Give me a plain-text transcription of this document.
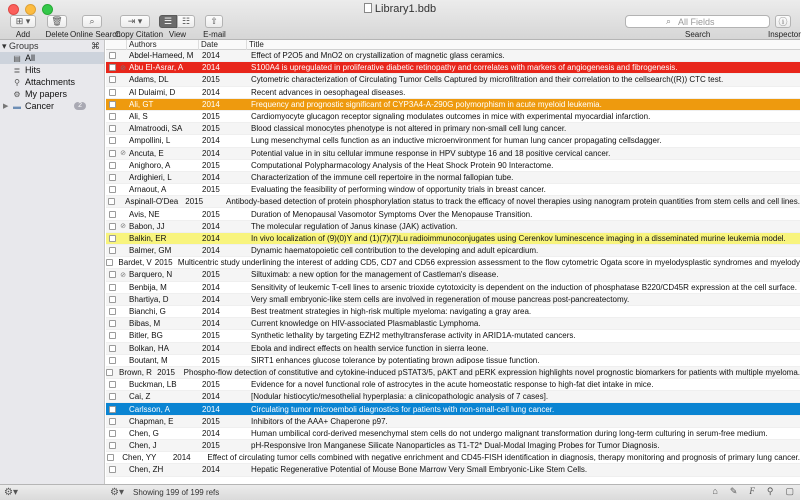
Library1.bdb
⊞ ▾
Add
🗑
Delete
⌕
Online Search
⇥ ▾
Copy Citation
☰ ☷
View
⇧
E-mail
⌕ All Fields
Search
ⓘ
Inspector
▾ Groups	⌘
▤ All
≣ Hits
⚲ Attachments
⚙ My papers
▶ ▬ Cancer	2
Authors	Date	Title
Abdel-Hameed, M	2014	Effect of P2O5 and MnO2 on crystallization of magnetic glass ceramics.
⊘ Abu El-Asrar, A	2014	S100A4 is upregulated in proliferative diabetic retinopathy and correlates with markers of angiogenesis and fibrogenesis.
Adams, DL	2015	Cytometric characterization of Circulating Tumor Cells Captured by microfiltration and their correlation to the cellsearch((R)) CTC test.
Al Dulaimi, D	2014	Recent advances in oesophageal diseases.
Ali, GT	2014	Frequency and prognostic significant of CYP3A4-A-290G polymorphism in acute myeloid leukemia.
Ali, S	2015	Cardiomyocyte glucagon receptor signaling modulates outcomes in mice with experimental myocardial infarction.
Almatroodi, SA	2015	Blood classical monocytes phenotype is not altered in primary non-small cell lung cancer.
Ampollini, L	2014	Lung mesenchymal cells function as an inductive microenvironment for human lung cancer propagating cellsdagger.
⊘ Ancuta, E	2014	Potential value in in situ cellular immune response in HPV subtype 16 and 18 positive cervical cancer.
Anighoro, A	2015	Computational Polypharmacology Analysis of the Heat Shock Protein 90 Interactome.
Ardighieri, L	2014	Characterization of the immune cell repertoire in the normal fallopian tube.
Arnaout, A	2015	Evaluating the feasibility of performing window of opportunity trials in breast cancer.
Aspinall-O'Dea 2015	Antibody-based detection of protein phosphorylation status to track the efficacy of novel therapies using nanogram protein quantities from stem cells and cell lines.
Avis, NE	2015	Duration of Menopausal Vasomotor Symptoms Over the Menopause Transition.
⊘ Babon, JJ	2014	The molecular regulation of Janus kinase (JAK) activation.
Balkin, ER	2014	In vivo localization of (9)(0)Y and (1)(7)(7)Lu radioimmunoconjugates using Cerenkov luminescence imaging in a disseminated murine leukemia model.
Balmer, GM	2014	Dynamic haematopoietic cell contribution to the developing and adult epicardium.
Bardet, V 2015 Multicentric study underlining the interest of adding CD5, CD7 and CD56 expression assessment to the flow cytometric Ogata score in myelodysplastic syndromes and myelody
⊘ Barquero, N	2015	Siltuximab: a new option for the management of Castleman's disease.
Benbija, M	2014	Sensitivity of leukemic T-cell lines to arsenic trioxide cytotoxicity is dependent on the induction of phosphatase B220/CD45R expression at the cell surface.
Bhartiya, D	2014	Very small embryonic-like stem cells are involved in regeneration of mouse pancreas post-pancreatectomy.
Bianchi, G	2014	Best treatment strategies in high-risk multiple myeloma: navigating a gray area.
Bibas, M	2014	Current knowledge on HIV-associated Plasmablastic Lymphoma.
Bitler, BG	2015	Synthetic lethality by targeting EZH2 methyltransferase activity in ARID1A-mutated cancers.
Bolkan, HA	2014	Ebola and indirect effects on health service function in sierra leone.
Boutant, M	2015	SIRT1 enhances glucose tolerance by potentiating brown adipose tissue function.
Brown, R 2015	Phospho-flow detection of constitutive and cytokine-induced pSTAT3/5, pAKT and pERK expression highlights novel prognostic biomarkers for patients with multiple myeloma.
Buckman, LB	2015	Evidence for a novel functional role of astrocytes in the acute homeostatic response to high-fat diet intake in mice.
Cai, Z	2014	[Nodular histiocytic/mesothelial hyperplasia: a clinicopathologic analysis of 7 cases].
Carlsson, A	2014	Circulating tumor microemboli diagnostics for patients with non-small-cell lung cancer.
Chapman, E	2015	Inhibitors of the AAA+ Chaperone p97.
Chen, G	2014	Human umbilical cord-derived mesenchymal stem cells do not undergo malignant transformation during long-term culturing in serum-free medium.
Chen, J	2015	pH-Responsive Iron Manganese Silicate Nanoparticles as T1-T2* Dual-Modal Imaging Probes for Tumor Diagnosis.
Chen, YY	2014	Effect of circulating tumor cells combined with negative enrichment and CD45-FISH identification in diagnosis, therapy monitoring and prognosis of primary lung cancer.
Chen, ZH	2014	Hepatic Regenerative Potential of Mouse Bone Marrow Very Small Embryonic-Like Stem Cells.
⚙▾	⚙▾ Showing 199 of 199 refs	⌂ ✎ F ⚲ ▢
